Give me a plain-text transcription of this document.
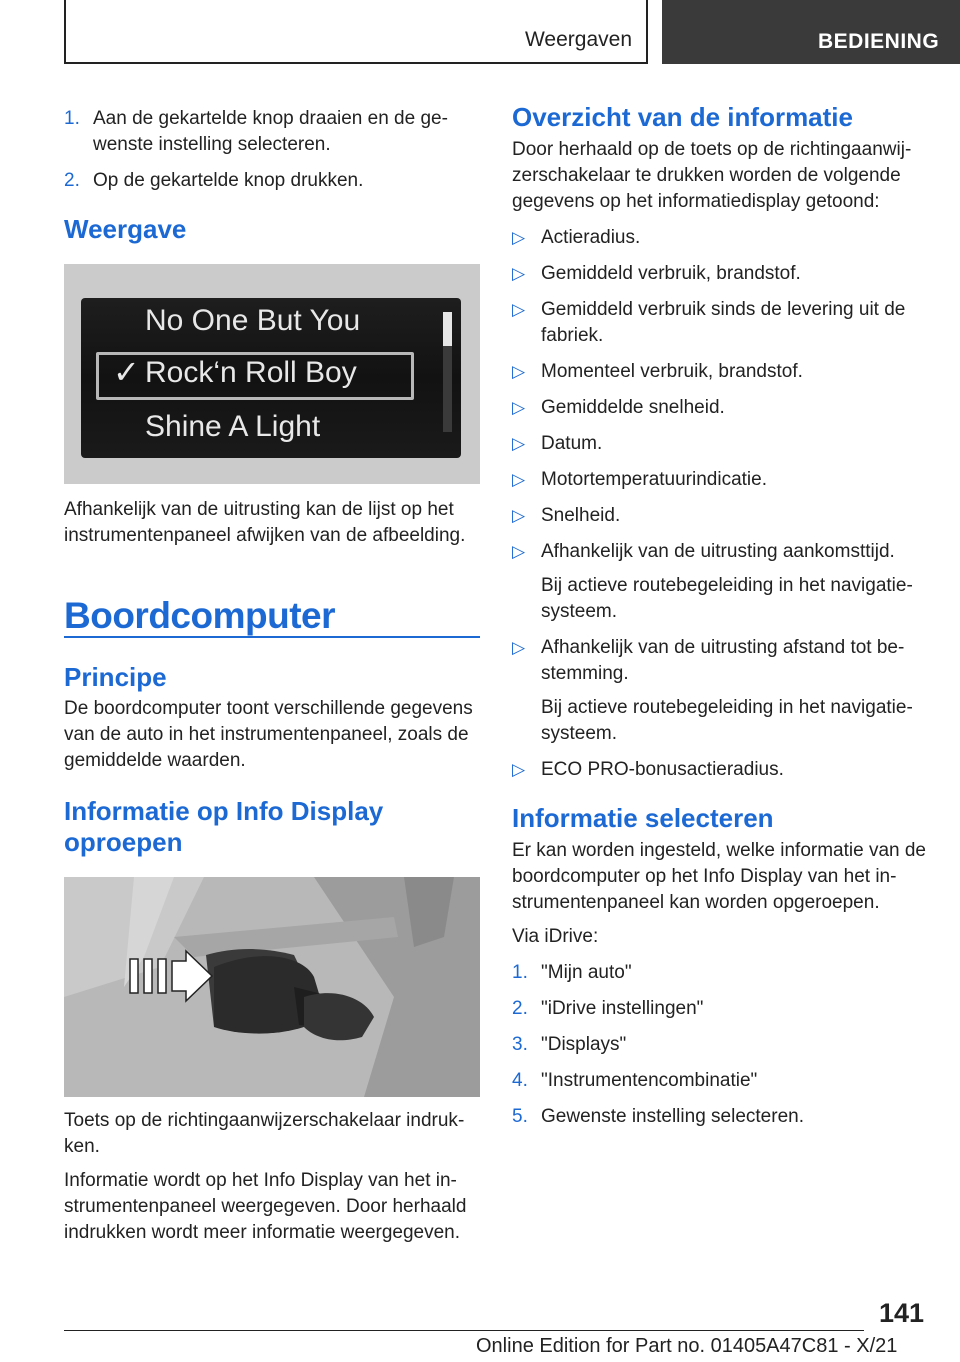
Weergaven	BEDIENING
1. Aan de gekartelde knop draaien en de gewenste instelling selecteren.
2. Op de gekartelde knop drukken.
Weergave
No One But You
✓ Rock‘n Roll Boy
Shine A Light

Afhankelijk van de uitrusting kan de lijst op het instrumentenpaneel afwijken van de afbeelding.

Boordcomputer
Principe

De boordcomputer toont verschillende gegevens van de auto in het instrumentenpaneel, zoals de gemiddelde waarden.

Informatie op Info Display oproepen

Toets op de richtingaanwijzerschakelaar indrukken.

Informatie wordt op het Info Display van het instrumentenpaneel weergegeven. Door herhaald indrukken wordt meer informatie weergegeven.

Overzicht van de informatie

Door herhaald op de toets op de richtingaanwijzerschakelaar te drukken worden de volgende gegevens op het informatiedisplay getoond:

▷ Actieradius.
▷ Gemiddeld verbruik, brandstof.
▷ Gemiddeld verbruik sinds de levering uit de fabriek.
▷ Momenteel verbruik, brandstof.
▷ Gemiddelde snelheid.
▷ Datum.
▷ Motortemperatuurindicatie.
▷ Snelheid.
▷ Afhankelijk van de uitrusting aankomsttijd.
Bij actieve routebegeleiding in het navigatiesysteem.
▷ Afhankelijk van de uitrusting afstand tot bestemming.
Bij actieve routebegeleiding in het navigatiesysteem.
▷ ECO PRO-bonusactieradius.
Informatie selecteren

Er kan worden ingesteld, welke informatie van de boordcomputer op het Info Display van het instrumentenpaneel kan worden opgeroepen.

Via iDrive:

1. "Mijn auto"
2. "iDrive instellingen"
3. "Displays"
4. "Instrumentencombinatie"
5. Gewenste instelling selecteren.
141
Online Edition for Part no. 01405A47C81 - X/21
